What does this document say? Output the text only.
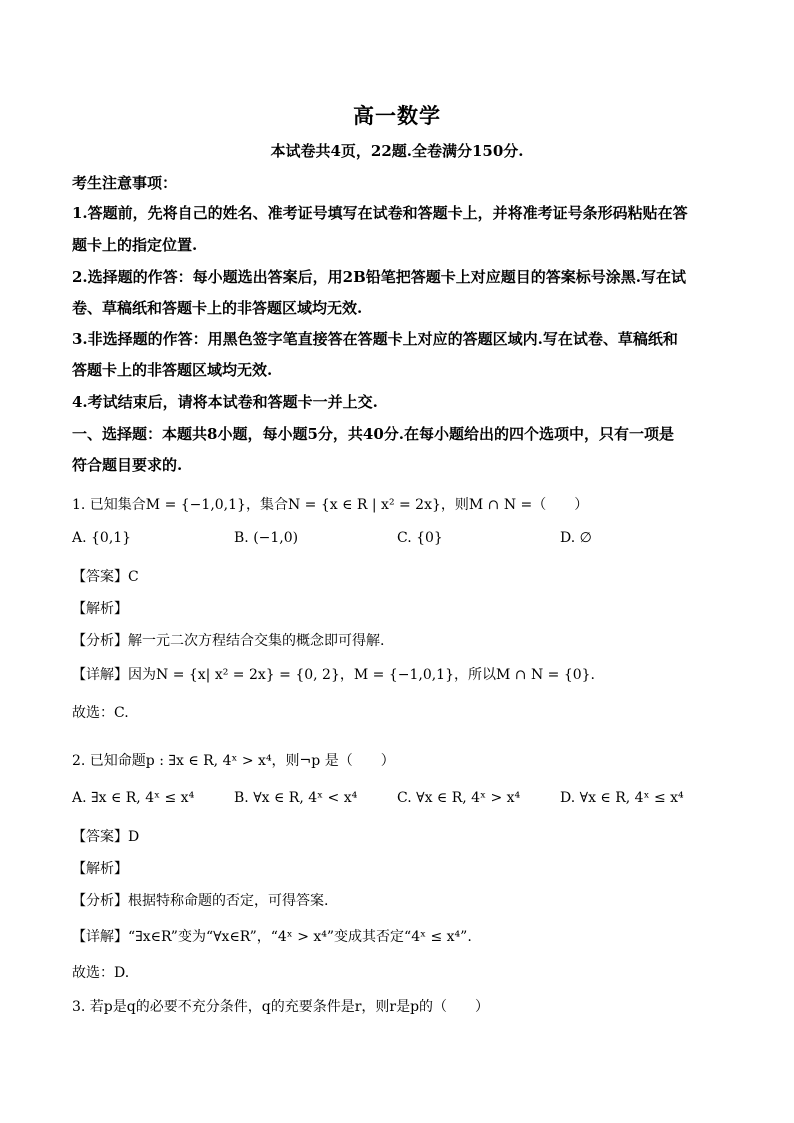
高一数学
本试卷共4页，22题.全卷满分150分.
考生注意事项：
1.答题前，先将自己的姓名、准考证号填写在试卷和答题卡上，并将准考证号条形码粘贴在答
题卡上的指定位置.
2.选择题的作答：每小题选出答案后，用2B铅笔把答题卡上对应题目的答案标号涂黑.写在试
卷、草稿纸和答题卡上的非答题区域均无效.
3.非选择题的作答：用黑色签字笔直接答在答题卡上对应的答题区域内.写在试卷、草稿纸和
答题卡上的非答题区域均无效.
4.考试结束后，请将本试卷和答题卡一并上交.
一、选择题：本题共8小题，每小题5分，共40分.在每小题给出的四个选项中，只有一项是
符合题目要求的.
1. 已知集合M = {−1,0,1}，集合N = {x ∈ R | x² = 2x}，则M ∩ N =（　　）
A. {0,1}	B. (−1,0)	C. {0}	D. ∅
【答案】C
【解析】
【分析】解一元二次方程结合交集的概念即可得解.
【详解】因为N = {x| x² = 2x} = {0, 2}，M = {−1,0,1}，所以M ∩ N = {0}.
故选：C.
2. 已知命题p : ∃x ∈ R, 4ˣ > x⁴，则¬p 是（　　）
A. ∃x ∈ R, 4ˣ ≤ x⁴	B. ∀x ∈ R, 4ˣ < x⁴	C. ∀x ∈ R, 4ˣ > x⁴	D. ∀x ∈ R, 4ˣ ≤ x⁴
【答案】D
【解析】
【分析】根据特称命题的否定，可得答案.
【详解】“∃x∈R”变为“∀x∈R”，“4ˣ > x⁴”变成其否定“4ˣ ≤ x⁴”.
故选：D.
3. 若p是q的必要不充分条件，q的充要条件是r，则r是p的（　　）
